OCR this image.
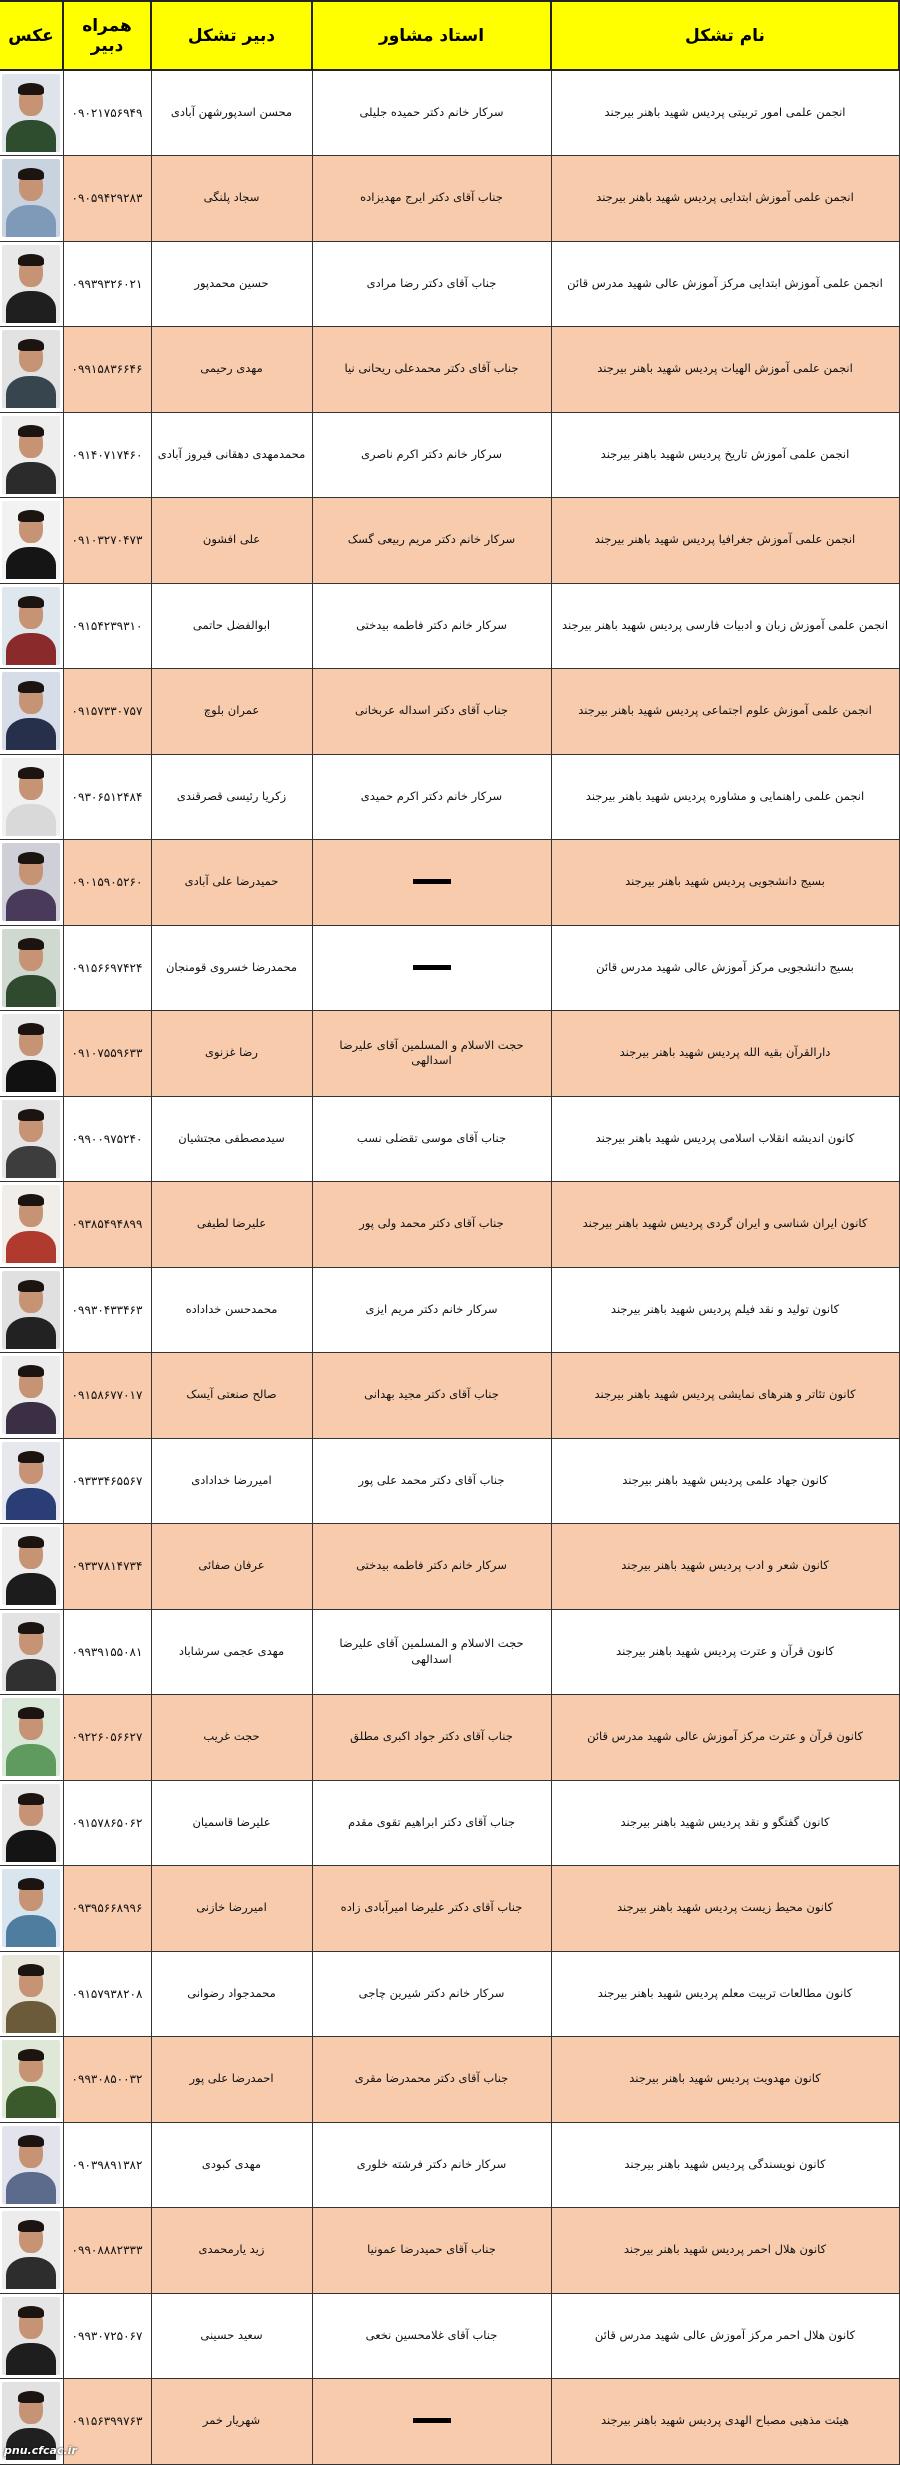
نام تشکل	استاد مشاور	دبیر تشکل	همراه دبیر	عکس
انجمن علمی امور تربیتی پردیس شهید باهنر بیرجند	سرکار خانم دکتر حمیده جلیلی	محسن اسدپورشهن آبادی	۰۹۰۲۱۷۵۶۹۴۹	

انجمن علمی آموزش ابتدایی پردیس شهید باهنر بیرجند	جناب آقای دکتر ایرج مهدیزاده	سجاد پلنگی	۰۹۰۵۹۴۲۹۲۸۳	

انجمن علمی آموزش ابتدایی مرکز آموزش عالی شهید مدرس قائن	جناب آقای دکتر رضا مرادی	حسین محمدپور	۰۹۹۳۹۳۲۶۰۲۱	

انجمن علمی آموزش الهیات پردیس شهید باهنر بیرجند	جناب آقای دکتر محمدعلی ریحانی نیا	مهدی رحیمی	۰۹۹۱۵۸۳۶۶۴۶	

انجمن علمی آموزش تاریخ پردیس شهید باهنر بیرجند	سرکار خانم دکتر اکرم ناصری	محمدمهدی دهقانی فیروز آبادی	۰۹۱۴۰۷۱۷۴۶۰	

انجمن علمی آموزش جغرافیا پردیس شهید باهنر بیرجند	سرکار خانم دکتر مریم ربیعی گسک	علی افشون	۰۹۱۰۳۲۷۰۴۷۳	

انجمن علمی آموزش زبان و ادبیات فارسی پردیس شهید باهنر بیرجند	سرکار خانم دکتر فاطمه بیدختی	ابوالفضل حاتمی	۰۹۱۵۴۲۳۹۳۱۰	

انجمن علمی آموزش علوم اجتماعی پردیس شهید باهنر بیرجند	جناب آقای دکتر اسداله عربخانی	عمران بلوچ	۰۹۱۵۷۳۳۰۷۵۷	

انجمن علمی راهنمایی و مشاوره پردیس شهید باهنر بیرجند	سرکار خانم دکتر اکرم حمیدی	زکریا رئیسی قصرقندی	۰۹۳۰۶۵۱۲۴۸۴	

بسیج دانشجویی پردیس شهید باهنر بیرجند		حمیدرضا علی آبادی	۰۹۰۱۵۹۰۵۲۶۰	

بسیج دانشجویی مرکز آموزش عالی شهید مدرس قائن		محمدرضا خسروی قومنجان	۰۹۱۵۶۶۹۷۴۲۴	

دارالقرآن بقیه الله پردیس شهید باهنر بیرجند	حجت الاسلام و المسلمین آقای علیرضا اسدالهی	رضا غزنوی	۰۹۱۰۷۵۵۹۶۳۳	

کانون اندیشه انقلاب اسلامی پردیس شهید باهنر بیرجند	جناب آقای موسی تقضلی نسب	سیدمصطفی مجتشیان	۰۹۹۰۰۹۷۵۲۴۰	

کانون ایران شناسی و ایران گردی پردیس شهید باهنر بیرجند	جناب آقای دکتر محمد ولی پور	علیرضا لطیفی	۰۹۳۸۵۴۹۴۸۹۹	

کانون تولید و نقد فیلم پردیس شهید باهنر بیرجند	سرکار خانم دکتر مریم ایزی	محمدحسن خداداده	۰۹۹۳۰۴۳۳۴۶۳	

کانون تئاتر و هنرهای نمایشی پردیس شهید باهنر بیرجند	جناب آقای دکتر مجید بهدانی	صالح صنعتی آیسک	۰۹۱۵۸۶۷۷۰۱۷	

کانون جهاد علمی پردیس شهید باهنر بیرجند	جناب آقای دکتر محمد علی پور	امیررضا خدادادی	۰۹۳۳۳۴۶۵۵۶۷	

کانون شعر و ادب پردیس شهید باهنر بیرجند	سرکار خانم دکتر فاطمه بیدختی	عرفان صفائی	۰۹۳۳۷۸۱۴۷۳۴	

کانون قرآن و عترت پردیس شهید باهنر بیرجند	حجت الاسلام و المسلمین آقای علیرضا اسدالهی	مهدی عجمی سرشاباد	۰۹۹۳۹۱۵۵۰۸۱	

کانون قرآن و عترت مرکز آموزش عالی شهید مدرس قائن	جناب آقای دکتر جواد اکبری مطلق	حجت غریب	۰۹۲۲۶۰۵۶۶۲۷	

کانون گفتگو و نقد پردیس شهید باهنر بیرجند	جناب آقای دکتر ابراهیم تقوی مقدم	علیرضا قاسمیان	۰۹۱۵۷۸۶۵۰۶۲	

کانون محیط زیست پردیس شهید باهنر بیرجند	جناب آقای دکتر علیرضا امیرآبادی زاده	امیررضا خازنی	۰۹۳۹۵۶۶۸۹۹۶	

کانون مطالعات تربیت معلم پردیس شهید باهنر بیرجند	سرکار خانم دکتر شیرین چاجی	محمدجواد رضوانی	۰۹۱۵۷۹۳۸۲۰۸	

کانون مهدویت پردیس شهید باهنر بیرجند	جناب آقای دکتر محمدرضا مقری	احمدرضا علی پور	۰۹۹۳۰۸۵۰۰۳۲	

کانون نویسندگی پردیس شهید باهنر بیرجند	سرکار خانم دکتر فرشته خلوری	مهدی کبودی	۰۹۰۳۹۸۹۱۳۸۲	

کانون هلال احمر پردیس شهید باهنر بیرجند	جناب آقای حمیدرضا عمونیا	زید یارمحمدی	۰۹۹۰۸۸۸۲۳۳۳	

کانون هلال احمر مرکز آموزش عالی شهید مدرس قائن	جناب آقای غلامحسین نخعی	سعید حسینی	۰۹۹۳۰۷۲۵۰۶۷	

هیئت مذهبی مصباح الهدی پردیس شهید باهنر بیرجند		شهریار خمر	۰۹۱۵۶۳۹۹۷۶۳	
pnu.cfcac.ir
